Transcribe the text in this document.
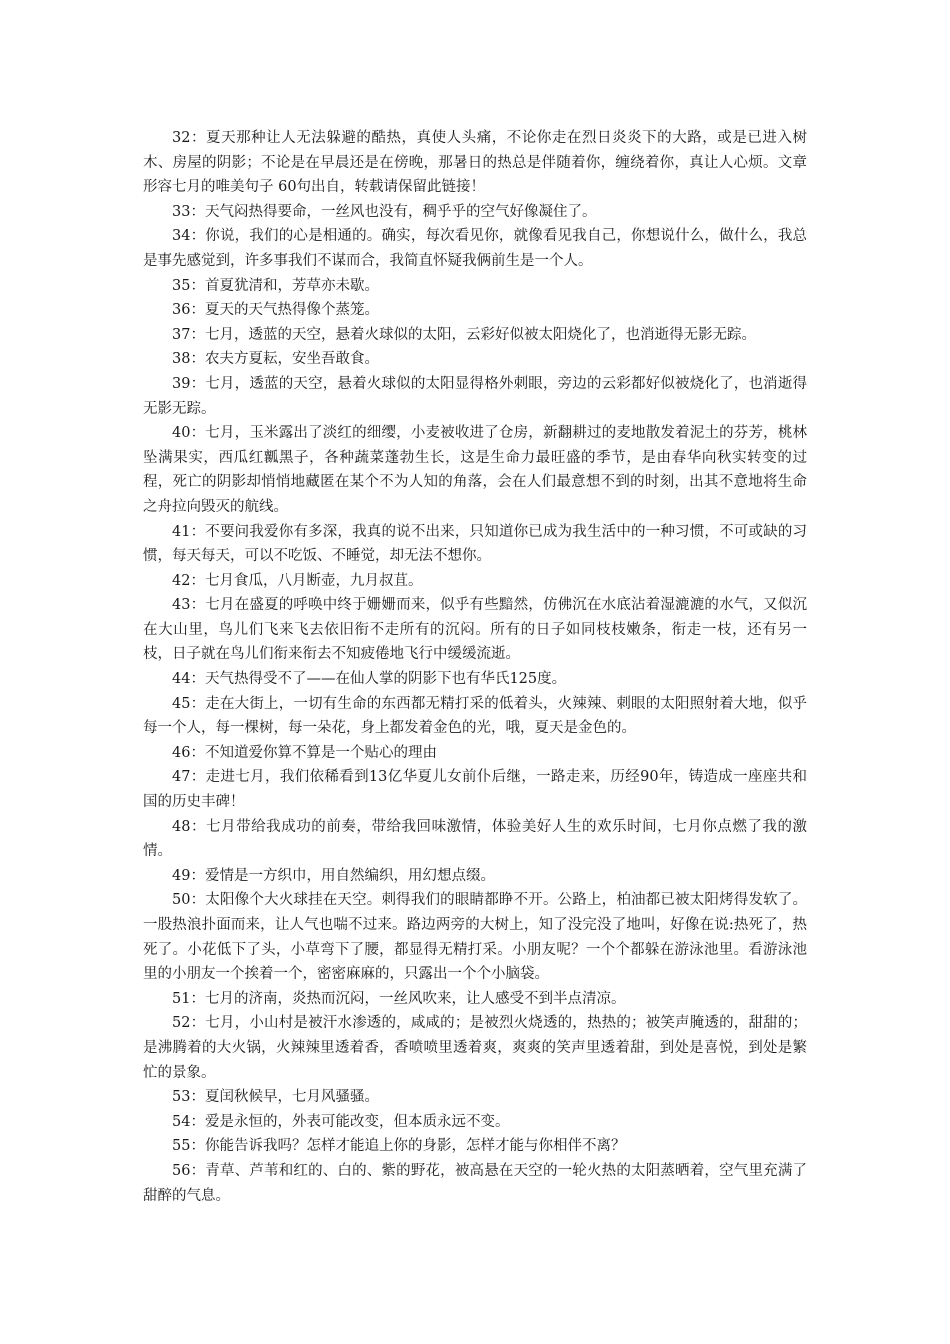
32：夏天那种让人无法躲避的酷热，真使人头痛，不论你走在烈日炎炎下的大路，或是已进入树木、房屋的阴影；不论是在早晨还是在傍晚，那暑日的热总是伴随着你，缠绕着你，真让人心烦。文章形容七月的唯美句子 60句出自，转载请保留此链接！

33：天气闷热得要命，一丝风也没有，稠乎乎的空气好像凝住了。

34：你说，我们的心是相通的。确实，每次看见你，就像看见我自己，你想说什么，做什么，我总是事先感觉到，许多事我们不谋而合，我简直怀疑我俩前生是一个人。

35：首夏犹清和，芳草亦未歇。

36：夏天的天气热得像个蒸笼。

37：七月，透蓝的天空，悬着火球似的太阳，云彩好似被太阳烧化了，也消逝得无影无踪。

38：农夫方夏耘，安坐吾敢食。

39：七月，透蓝的天空，悬着火球似的太阳显得格外刺眼，旁边的云彩都好似被烧化了，也消逝得无影无踪。

40：七月，玉米露出了淡红的细缨，小麦被收进了仓房，新翻耕过的麦地散发着泥土的芬芳，桃林坠满果实，西瓜红瓤黑子，各种蔬菜蓬勃生长，这是生命力最旺盛的季节，是由春华向秋实转变的过程，死亡的阴影却悄悄地藏匿在某个不为人知的角落，会在人们最意想不到的时刻，出其不意地将生命之舟拉向毁灭的航线。

41：不要问我爱你有多深，我真的说不出来，只知道你已成为我生活中的一种习惯，不可或缺的习惯，每天每天，可以不吃饭、不睡觉，却无法不想你。

42：七月食瓜，八月断壶，九月叔苴。

43：七月在盛夏的呼唤中终于姗姗而来，似乎有些黯然，仿佛沉在水底沾着湿漉漉的水气，又似沉在大山里，鸟儿们飞来飞去依旧衔不走所有的沉闷。所有的日子如同枝枝嫩条，衔走一枝，还有另一枝，日子就在鸟儿们衔来衔去不知疲倦地飞行中缓缓流逝。

44：天气热得受不了——在仙人掌的阴影下也有华氏125度。

45：走在大街上，一切有生命的东西都无精打采的低着头，火辣辣、刺眼的太阳照射着大地，似乎每一个人，每一棵树，每一朵花，身上都发着金色的光，哦，夏天是金色的。

46：不知道爱你算不算是一个贴心的理由

47：走进七月，我们依稀看到13亿华夏儿女前仆后继，一路走来，历经90年，铸造成一座座共和国的历史丰碑！

48：七月带给我成功的前奏，带给我回味激情，体验美好人生的欢乐时间，七月你点燃了我的激情。

49：爱情是一方织巾，用自然编织，用幻想点缀。

50：太阳像个大火球挂在天空。刺得我们的眼睛都睁不开。公路上，柏油都已被太阳烤得发软了。一股热浪扑面而来，让人气也喘不过来。路边两旁的大树上，知了没完没了地叫，好像在说:热死了，热死了。小花低下了头，小草弯下了腰，都显得无精打采。小朋友呢？一个个都躲在游泳池里。看游泳池里的小朋友一个挨着一个，密密麻麻的，只露出一个个小脑袋。

51：七月的济南，炎热而沉闷，一丝风吹来，让人感受不到半点清凉。

52：七月，小山村是被汗水渗透的，咸咸的；是被烈火烧透的，热热的；被笑声腌透的，甜甜的；是沸腾着的大火锅，火辣辣里透着香，香喷喷里透着爽，爽爽的笑声里透着甜，到处是喜悦，到处是繁忙的景象。

53：夏闰秋候早，七月风骚骚。

54：爱是永恒的，外表可能改变，但本质永远不变。

55：你能告诉我吗？怎样才能追上你的身影，怎样才能与你相伴不离？

56：青草、芦苇和红的、白的、紫的野花，被高悬在天空的一轮火热的太阳蒸晒着，空气里充满了甜醉的气息。
